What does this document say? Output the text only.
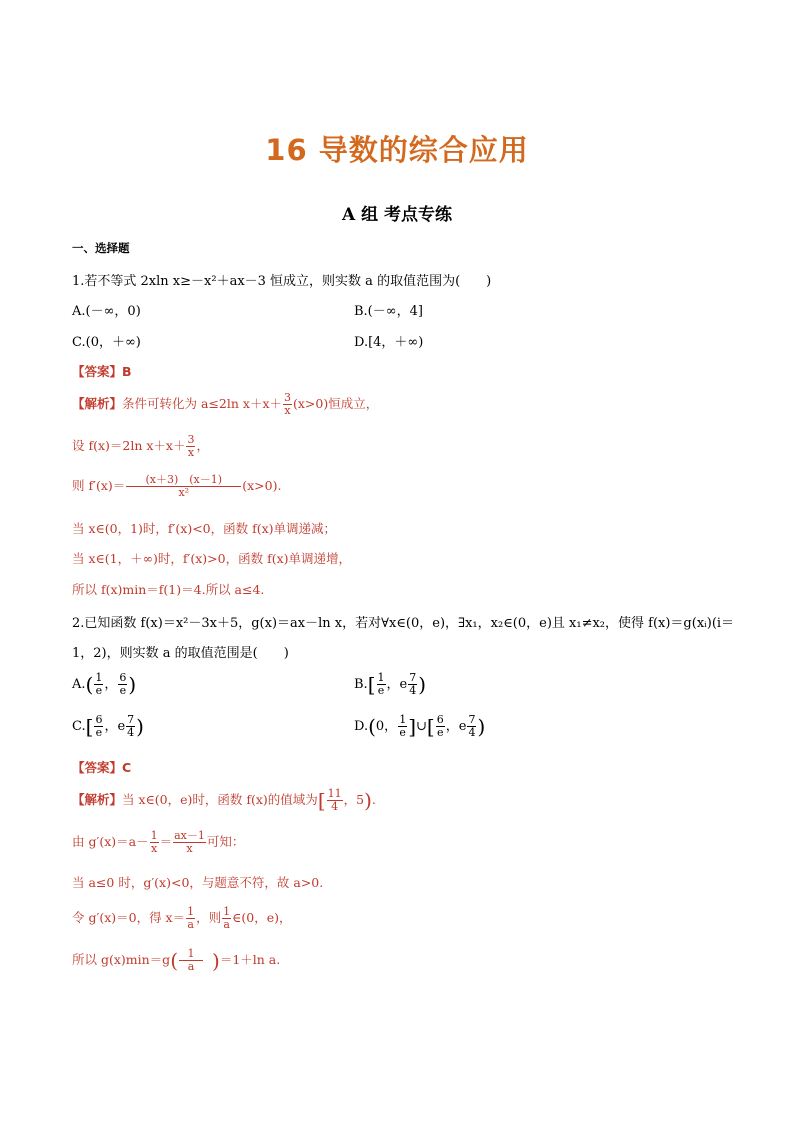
16 导数的综合应用
A 组 考点专练
一、选择题
1.若不等式 2xln x≥－x²＋ax－3 恒成立，则实数 a 的取值范围为(　　)
A.(－∞，0)	B.(－∞，4]
C.(0，＋∞)	D.[4，＋∞)
【答案】B
【解析】条件可转化为 a≤2ln $x+x+ \frac{3}{x} (x>0)$恒成立，
设 f(x)＝2ln $x+x+ \frac{3}{x}$ ，
则 $f'(x)= \frac{(x+3) (x-1)}{\text{x²}} (x>0)$.
当 x∈(0，1)时，f′(x)<0，函数 f(x)单调递减；
当 x∈(1，＋∞)时，f′(x)>0，函数 f(x)单调递增，
所以 f(x)min＝f(1)＝4.所以 a≤4.
2.已知函数 f(x)＝x²－3x＋5，g(x)＝ax－ln x，若对∀x∈(0，e)，∃x₁，x₂∈(0，e)且 x₁≠x₂，使得 f(x)＝g(xᵢ)(i＝
1，2)，则实数 a 的取值范围是(　　)
$A.( \frac{1}{e}$ ， $\frac{6}{e}$ )	$B.[ \frac{1}{e}$ ，e $\frac{7}{4}$ )
$C.[ \frac{6}{e}$ ，e $\frac{7}{4}$ )	D.(0， $\frac{1}{e}$ ]∪[ $\frac{6}{e}$ ，e $\frac{7}{4}$ )
【答案】C
【解析】当 x∈(0，e)时，函数 f(x)的值域为[ $\frac{11}{4}$ ，5).
由 $g'(x)=a- \frac{1}{x} = \frac{ax-1}{x}$ 可知：
当 a≤0 时，g′(x)<0，与题意不符，故 a>0.
令 g′(x)＝0，得 $x= \frac{1}{a}$ ，则 $\frac{1}{a}$ ∈(0，e)，
所以 $g(x)\min=g( \frac{1}{a} )=1+\ln$ a.
